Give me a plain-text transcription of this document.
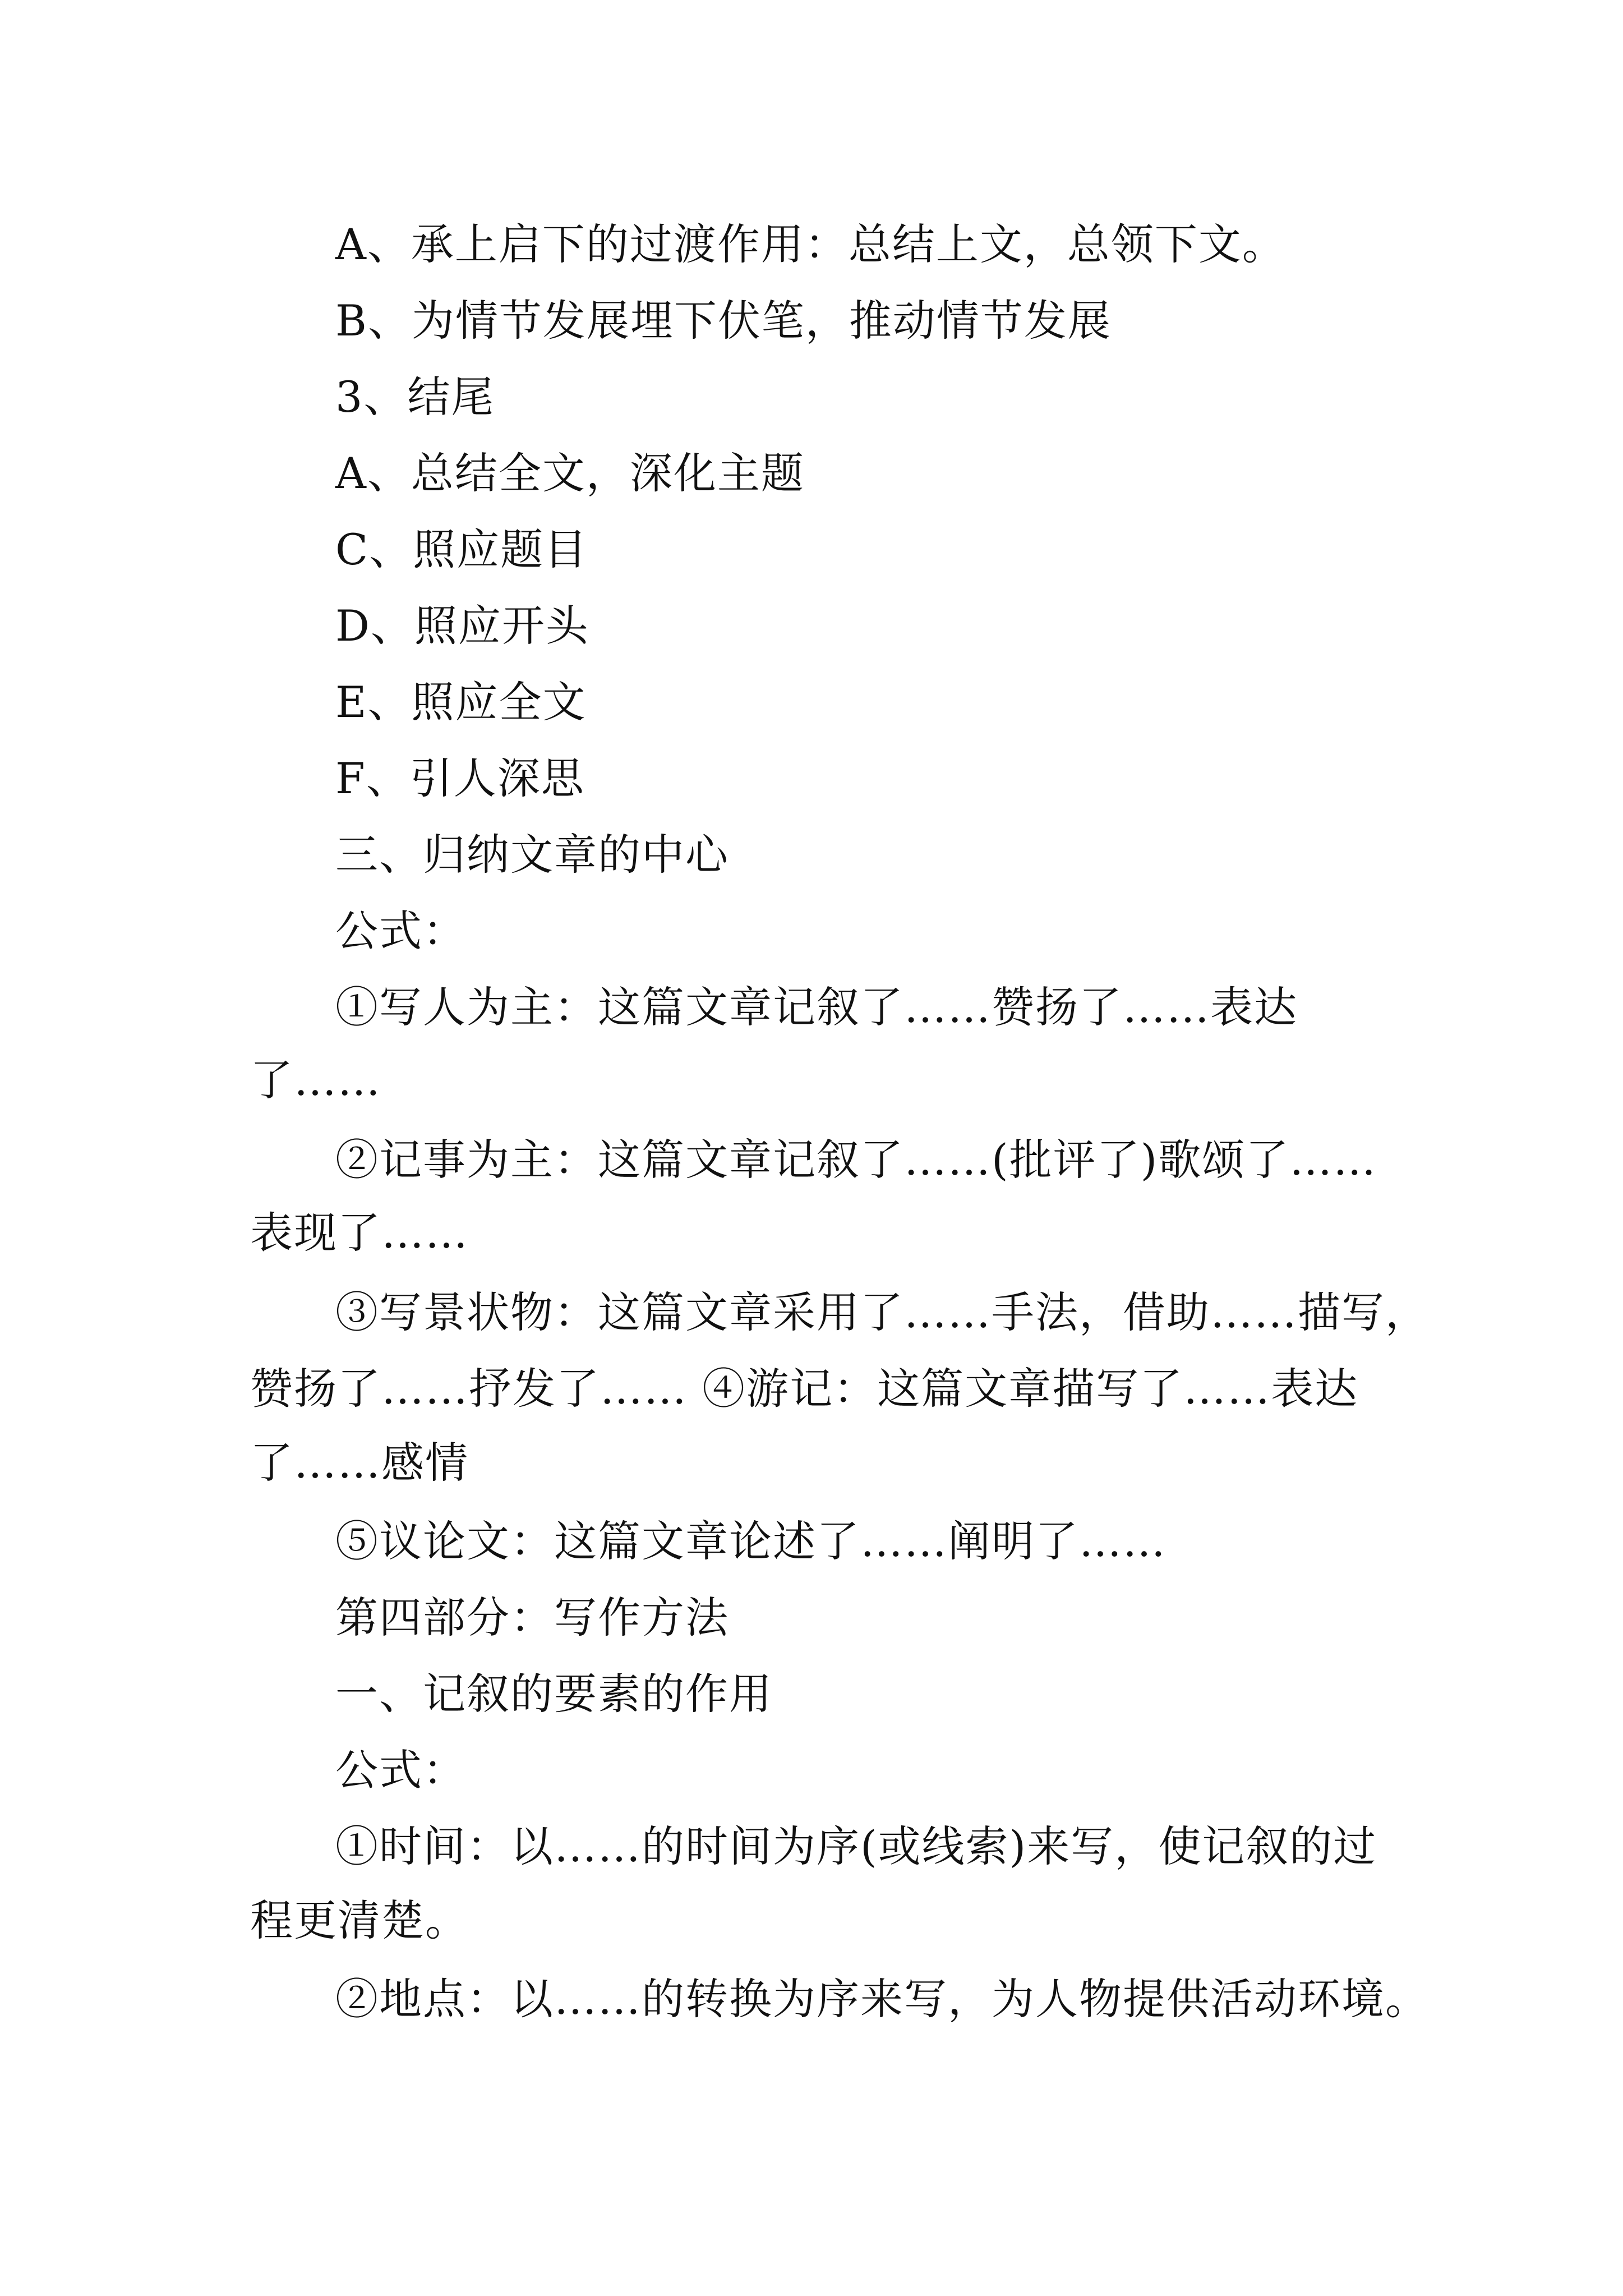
A、承上启下的过渡作用：总结上文，总领下文。
B、为情节发展埋下伏笔，推动情节发展
3、结尾
A、总结全文，深化主题
C、照应题目
D、照应开头
E、照应全文
F、引人深思
三、归纳文章的中心
公式：
①写人为主：这篇文章记叙了……赞扬了……表达
了……
②记事为主：这篇文章记叙了……(批评了)歌颂了……
表现了……
③写景状物：这篇文章采用了……手法，借助……描写，
赞扬了……抒发了…… ④游记：这篇文章描写了……表达
了……感情
⑤议论文：这篇文章论述了……阐明了……
第四部分：写作方法
一、记叙的要素的作用
公式：
①时间：以……的时间为序(或线索)来写，使记叙的过
程更清楚。
②地点：以……的转换为序来写，为人物提供活动环境。
